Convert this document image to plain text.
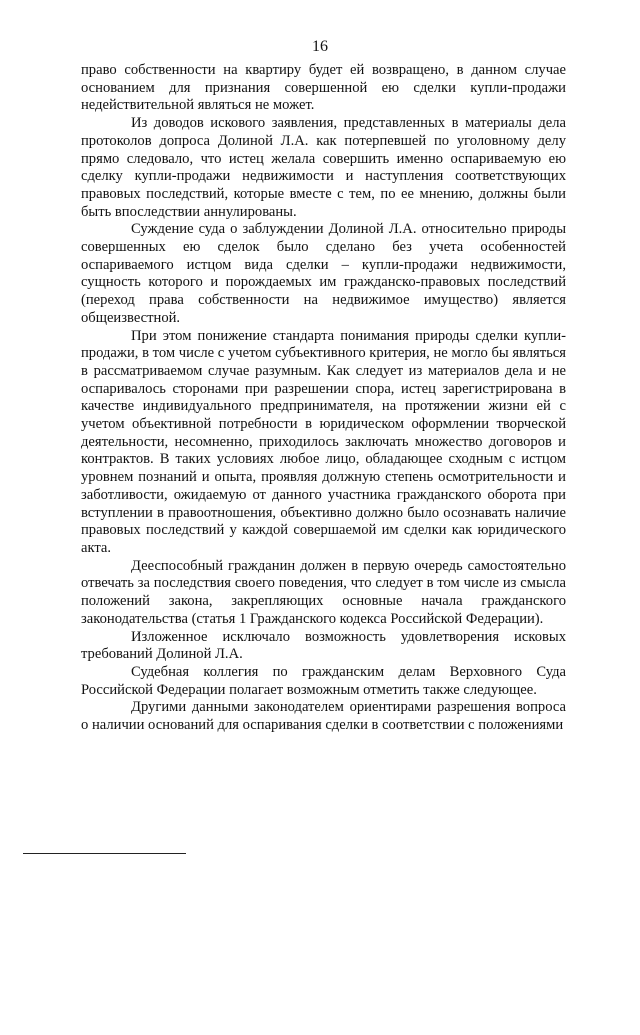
16

право собственности на квартиру будет ей возвращено, в данном случае основанием для признания совершенной ею сделки купли-продажи недействительной являться не может.

Из доводов искового заявления, представленных в материалы дела протоколов допроса Долиной Л.А. как потерпевшей по уголовному делу прямо следовало, что истец желала совершить именно оспариваемую ею сделку купли-продажи недвижимости и наступления соответствующих правовых последствий, которые вместе с тем, по ее мнению, должны были быть впоследствии аннулированы.

Суждение суда о заблуждении Долиной Л.А. относительно природы совершенных ею сделок было сделано без учета особенностей оспариваемого истцом вида сделки – купли-продажи недвижимости, сущность которого и порождаемых им гражданско-правовых последствий (переход права собственности на недвижимое имущество) является общеизвестной.

При этом понижение стандарта понимания природы сделки купли-продажи, в том числе с учетом субъективного критерия, не могло бы являться в рассматриваемом случае разумным. Как следует из материалов дела и не оспаривалось сторонами при разрешении спора, истец зарегистрирована в качестве индивидуального предпринимателя, на протяжении жизни ей с учетом объективной потребности в юридическом оформлении творческой деятельности, несомненно, приходилось заключать множество договоров и контрактов. В таких условиях любое лицо, обладающее сходным с истцом уровнем познаний и опыта, проявляя должную степень осмотрительности и заботливости, ожидаемую от данного участника гражданского оборота при вступлении в правоотношения, объективно должно было осознавать наличие правовых последствий у каждой совершаемой им сделки как юридического акта.

Дееспособный гражданин должен в первую очередь самостоятельно отвечать за последствия своего поведения, что следует в том числе из смысла положений закона, закрепляющих основные начала гражданского законодательства (статья 1 Гражданского кодекса Российской Федерации).

Изложенное исключало возможность удовлетворения исковых требований Долиной Л.А.

Судебная коллегия по гражданским делам Верховного Суда Российской Федерации полагает возможным отметить также следующее.

Другими данными законодателем ориентирами разрешения вопроса о наличии оснований для оспаривания сделки в соответствии с положениями
